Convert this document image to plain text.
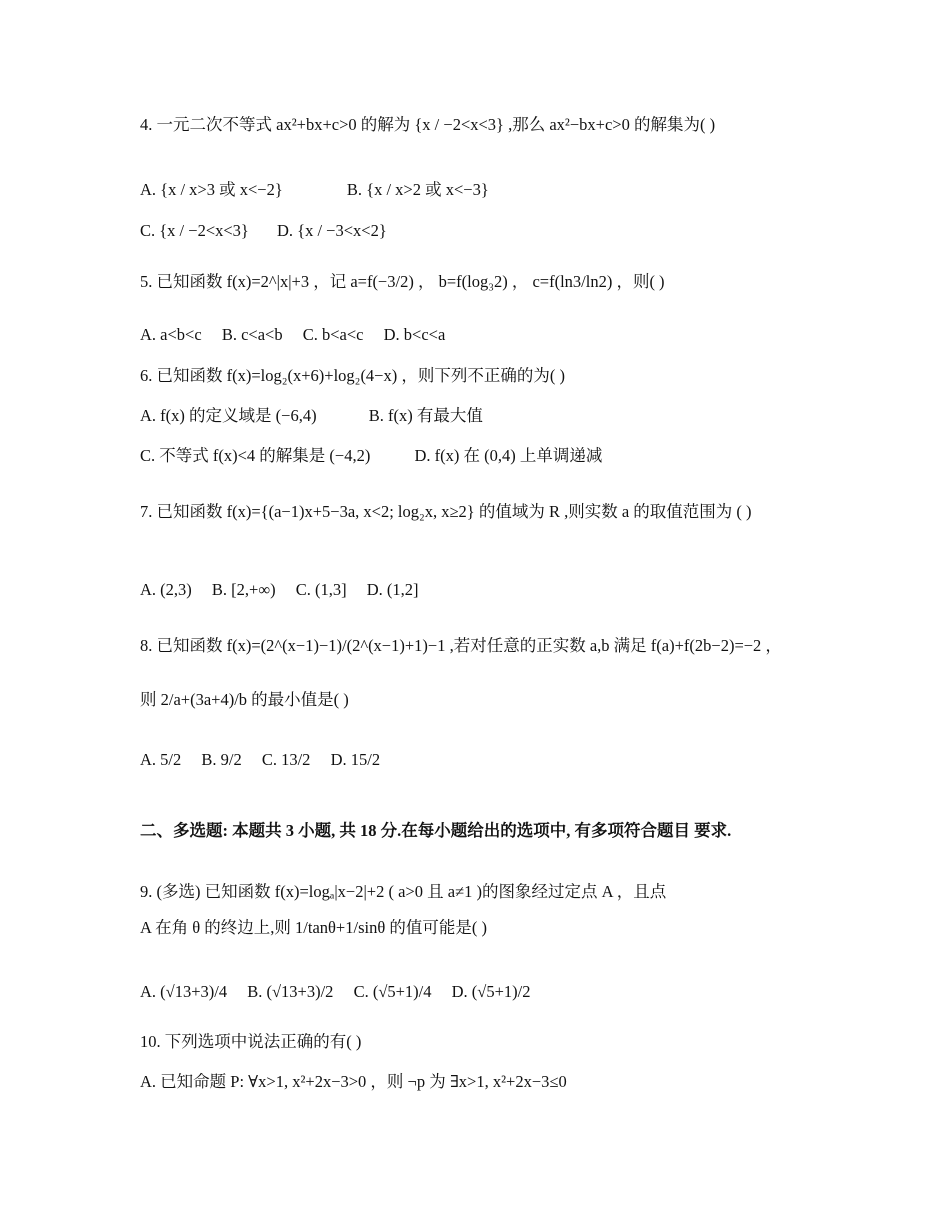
4. 一元二次不等式 ax²+bx+c>0 的解为 {x / −2<x<3} ,那么 ax²−bx+c>0 的解集为( )
A. {x / x>3 或 x<−2}	B. {x / x>2 或 x<−3}
C. {x / −2<x<3} D. {x / −3<x<2}
5. 已知函数 f(x)=2^|x|+3 ，记 a=f(−3/2) ， b=f(log₃2) ， c=f(ln3/ln2) ，则( )
A. a<b<c B. c<a<b C. b<a<c D. b<c<a
6. 已知函数 f(x)=log₂(x+6)+log₂(4−x) ，则下列不正确的为( )
A. f(x) 的定义域是 (−6,4)	B. f(x) 有最大值
C. 不等式 f(x)<4 的解集是 (−4,2)	D. f(x) 在 (0,4) 上单调递减
7. 已知函数 f(x)={(a−1)x+5−3a, x<2; log₂x, x≥2} 的值域为 R ,则实数 a 的取值范围为 ( )
A. (2,3) B. [2,+∞) C. (1,3] D. (1,2]
8. 已知函数 f(x)=(2^(x−1)−1)/(2^(x−1)+1)−1 ,若对任意的正实数 a,b 满足 f(a)+f(2b−2)=−2 ，
则 2/a+(3a+4)/b 的最小值是( )
A. 5/2 B. 9/2 C. 13/2 D. 15/2
二、多选题: 本题共 3 小题, 共 18 分.在每小题给出的选项中, 有多项符合题目 要求.
9. (多选) 已知函数 f(x)=logₐ|x−2|+2 ( a>0 且 a≠1 )的图象经过定点 A ，且点
A 在角 θ 的终边上,则 1/tanθ+1/sinθ 的值可能是( )
A. (√13+3)/4 B. (√13+3)/2 C. (√5+1)/4 D. (√5+1)/2
10. 下列选项中说法正确的有( )
A. 已知命题 P: ∀x>1, x²+2x−3>0 ，则 ¬p 为 ∃x>1, x²+2x−3≤0
